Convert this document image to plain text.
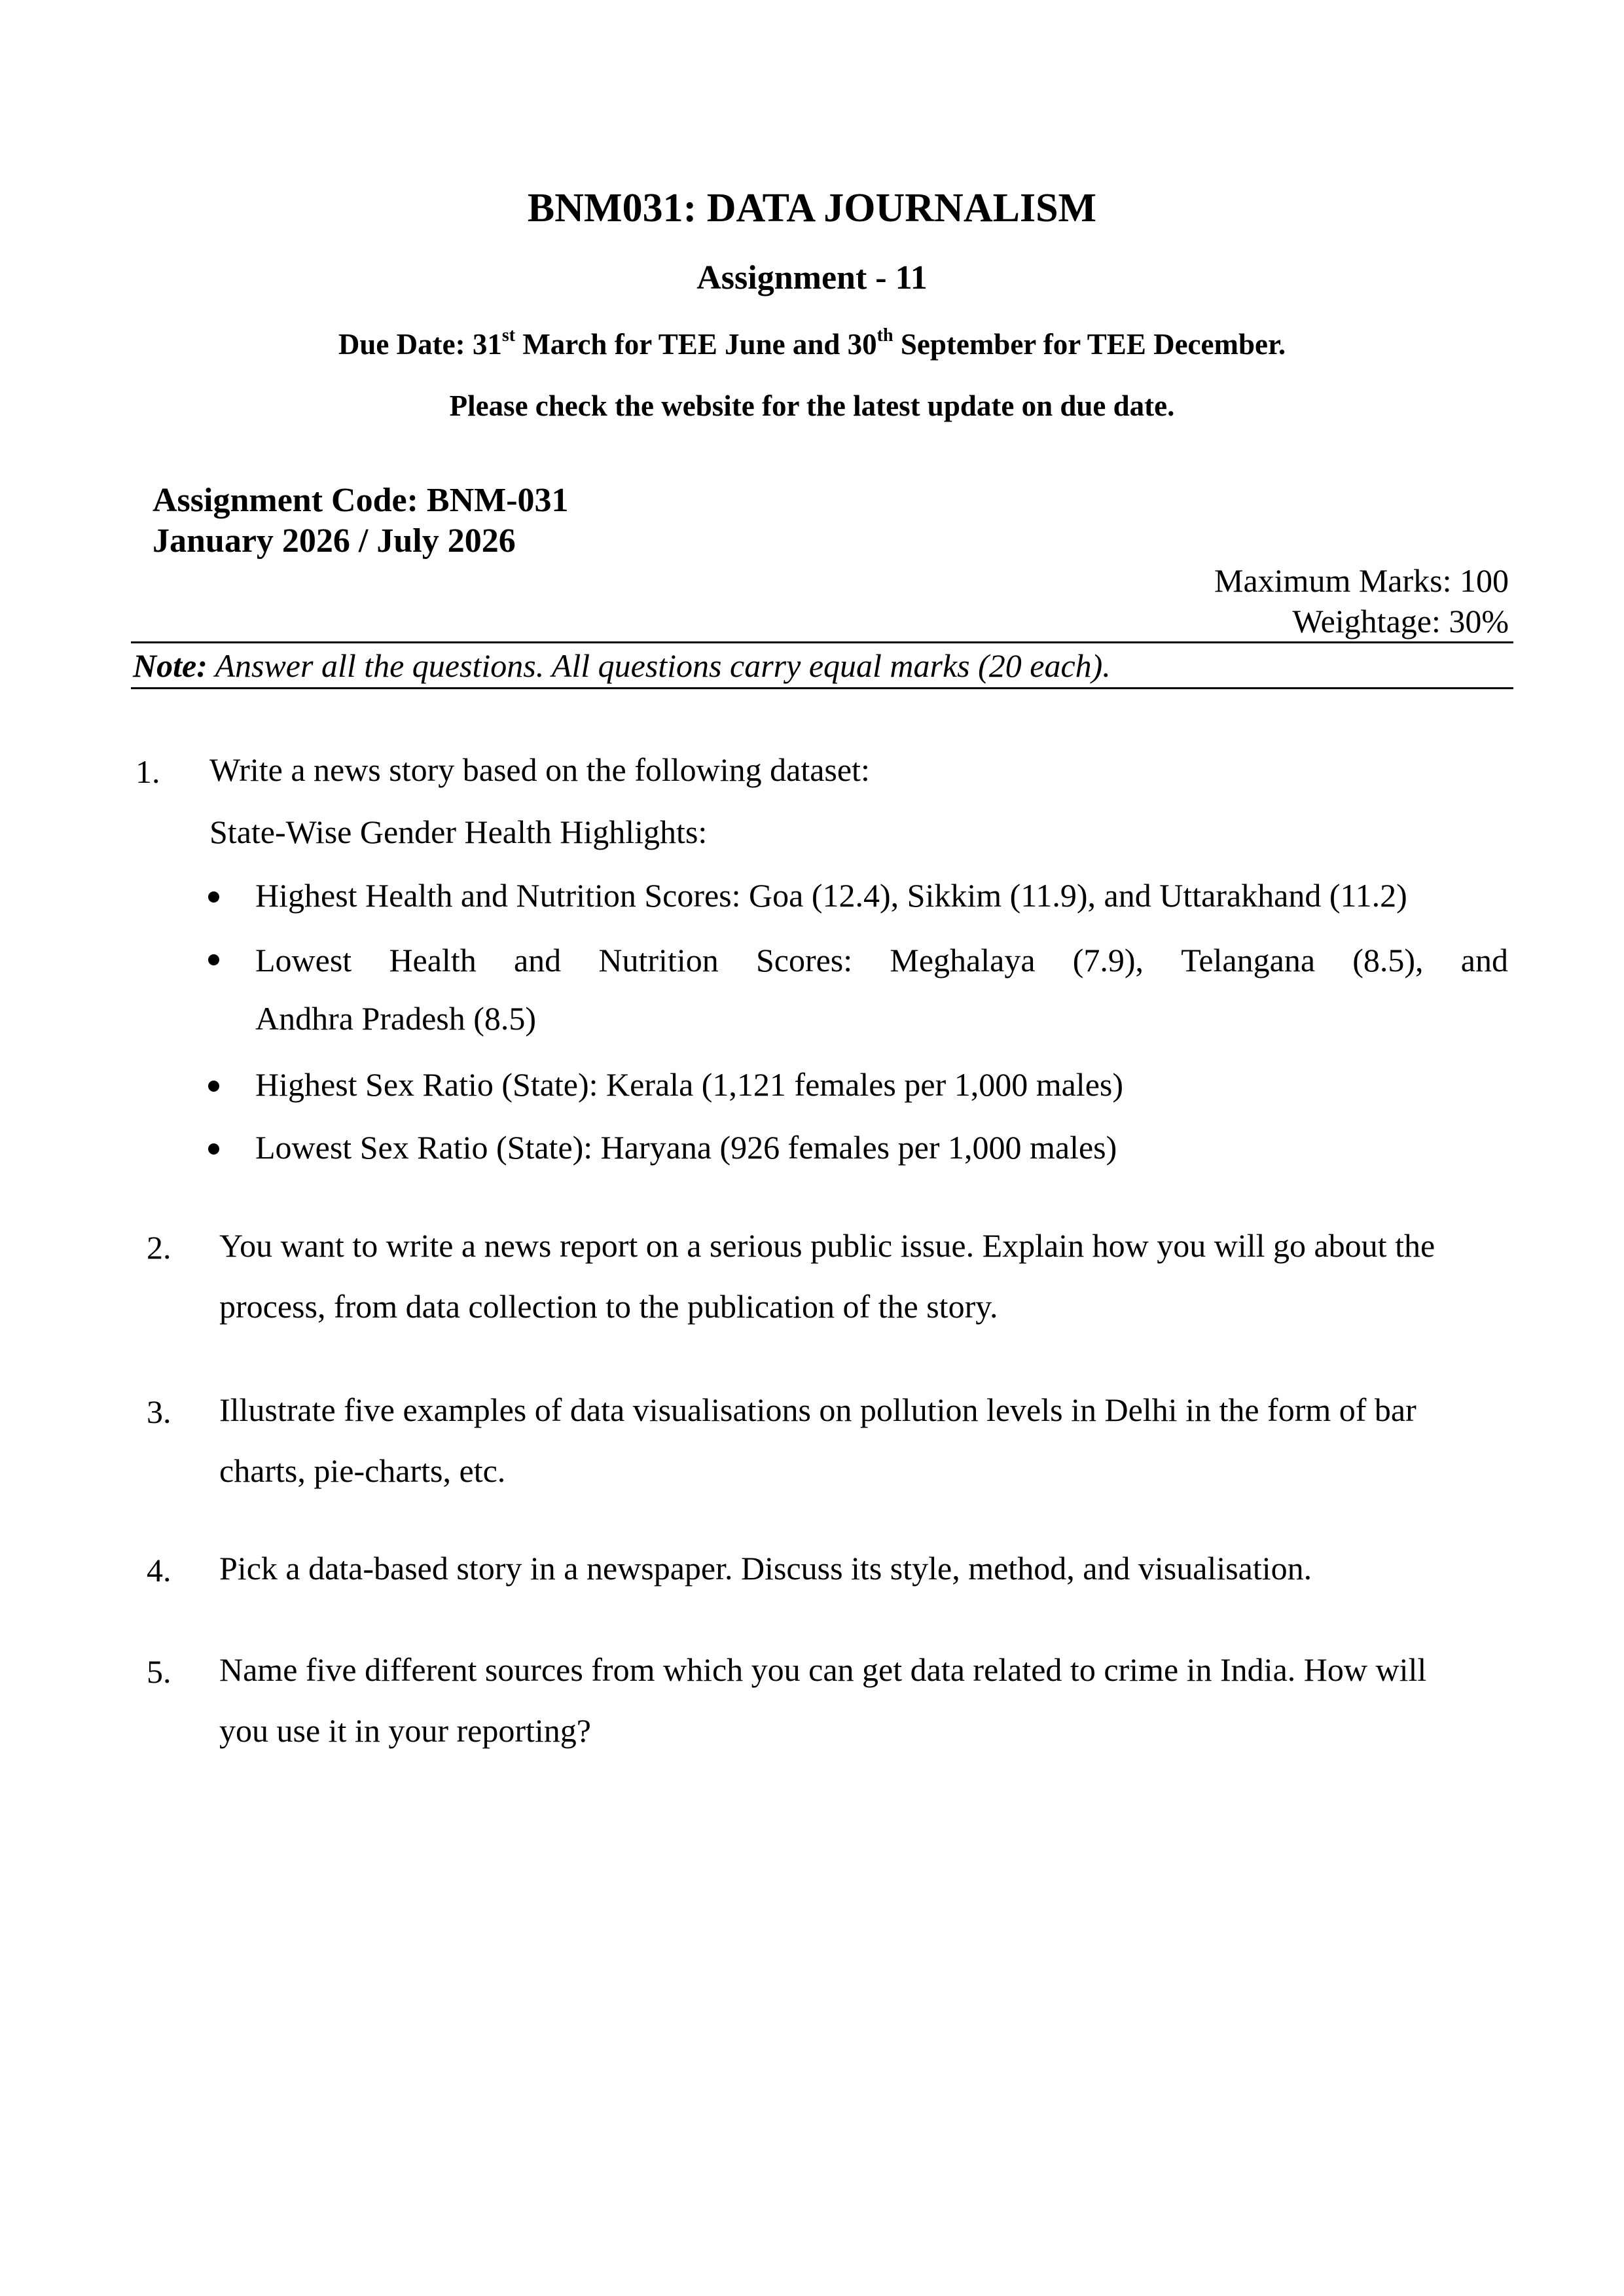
BNM031: DATA JOURNALISM
Assignment - 11
Due Date: 31st March for TEE June and 30th September for TEE December.
Please check the website for the latest update on due date.
Assignment Code: BNM-031
January 2026 / July 2026
Maximum Marks: 100
Weightage: 30%
Note: Answer all the questions. All questions carry equal marks (20 each).
1. Write a news story based on the following dataset:
State-Wise Gender Health Highlights:
Highest Health and Nutrition Scores: Goa (12.4), Sikkim (11.9), and Uttarakhand (11.2)
Lowest Health and Nutrition Scores: Meghalaya (7.9), Telangana (8.5), and
Andhra Pradesh (8.5)
Highest Sex Ratio (State): Kerala (1,121 females per 1,000 males)
Lowest Sex Ratio (State): Haryana (926 females per 1,000 males)
2. You want to write a news report on a serious public issue. Explain how you will go about the
process, from data collection to the publication of the story.
3. Illustrate five examples of data visualisations on pollution levels in Delhi in the form of bar
charts, pie-charts, etc.
4. Pick a data-based story in a newspaper. Discuss its style, method, and visualisation.
5. Name five different sources from which you can get data related to crime in India. How will
you use it in your reporting?
